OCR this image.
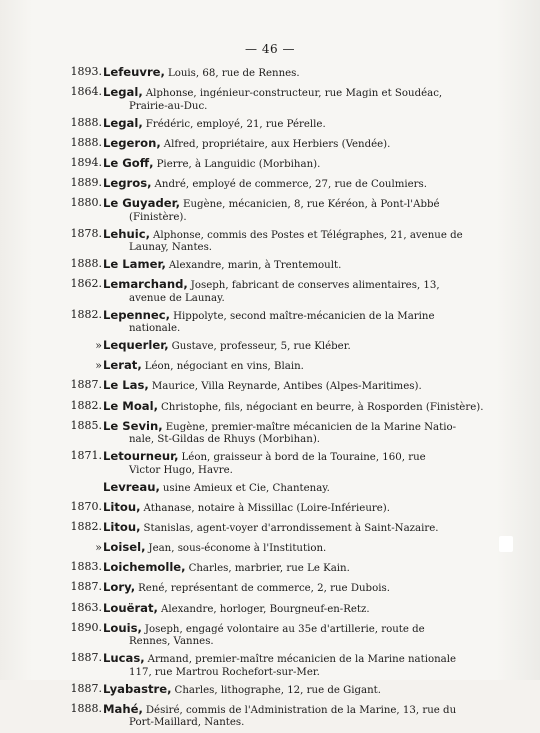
— 46 —
1893. Lefeuvre, Louis, 68, rue de Rennes.
1864. Legal, Alphonse, ingénieur-constructeur, rue Magin et Soudéac,
Prairie-au-Duc.
1888. Legal, Frédéric, employé, 21, rue Pérelle.
1888. Legeron, Alfred, propriétaire, aux Herbiers (Vendée).
1894. Le Goff, Pierre, à Languidic (Morbihan).
1889. Legros, André, employé de commerce, 27, rue de Coulmiers.
1880. Le Guyader, Eugène, mécanicien, 8, rue Kéréon, à Pont-l'Abbé
(Finistère).
1878. Lehuic, Alphonse, commis des Postes et Télégraphes, 21, avenue de
Launay, Nantes.
1888. Le Lamer, Alexandre, marin, à Trentemoult.
1862. Lemarchand, Joseph, fabricant de conserves alimentaires, 13,
avenue de Launay.
1882. Lepennec, Hippolyte, second maître-mécanicien de la Marine
nationale.
» Lequerler, Gustave, professeur, 5, rue Kléber.
» Lerat, Léon, négociant en vins, Blain.
1887. Le Las, Maurice, Villa Reynarde, Antibes (Alpes-Maritimes).
1882. Le Moal, Christophe, fils, négociant en beurre, à Rosporden (Finistère).
1885. Le Sevin, Eugène, premier-maître mécanicien de la Marine Natio-
nale, St-Gildas de Rhuys (Morbihan).
1871. Letourneur, Léon, graisseur à bord de la Touraine, 160, rue
Victor Hugo, Havre.
Levreau, usine Amieux et Cie, Chantenay.
1870. Litou, Athanase, notaire à Missillac (Loire-Inférieure).
1882. Litou, Stanislas, agent-voyer d'arrondissement à Saint-Nazaire.
» Loisel, Jean, sous-économe à l'Institution.
1883. Loichemolle, Charles, marbrier, rue Le Kain.
1887. Lory, René, représentant de commerce, 2, rue Dubois.
1863. Louërat, Alexandre, horloger, Bourgneuf-en-Retz.
1890. Louis, Joseph, engagé volontaire au 35e d'artillerie, route de
Rennes, Vannes.
1887. Lucas, Armand, premier-maître mécanicien de la Marine nationale
117, rue Martrou Rochefort-sur-Mer.
1887. Lyabastre, Charles, lithographe, 12, rue de Gigant.
1888. Mahé, Désiré, commis de l'Administration de la Marine, 13, rue du
Port-Maillard, Nantes.
